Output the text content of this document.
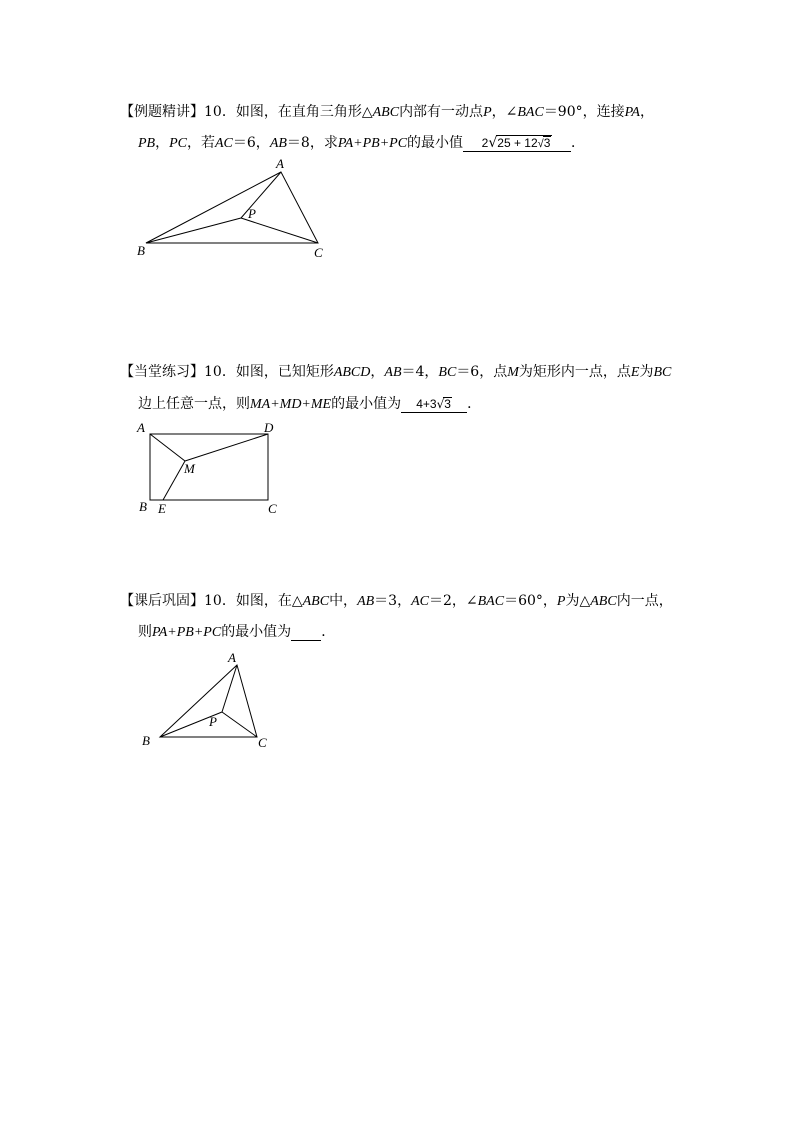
【例题精讲】10．如图，在直角三角形△ABC内部有一动点P，∠BAC＝90°，连接PA，
PB，PC，若AC＝6，AB＝8，求PA+PB+PC的最小值 2√25 + 12√3 ．
A
B	C
P
A	D
B E	C
M
A
B	C
P
【当堂练习】10．如图，已知矩形ABCD，AB＝4，BC＝6，点M为矩形内一点，点E为BC
边上任意一点，则MA+MD+ME的最小值为 4+3√3 ．
【课后巩固】10．如图，在△ABC中，AB＝3，AC＝2，∠BAC＝60°，P为△ABC内一点，
则PA+PB+PC的最小值为 ．
